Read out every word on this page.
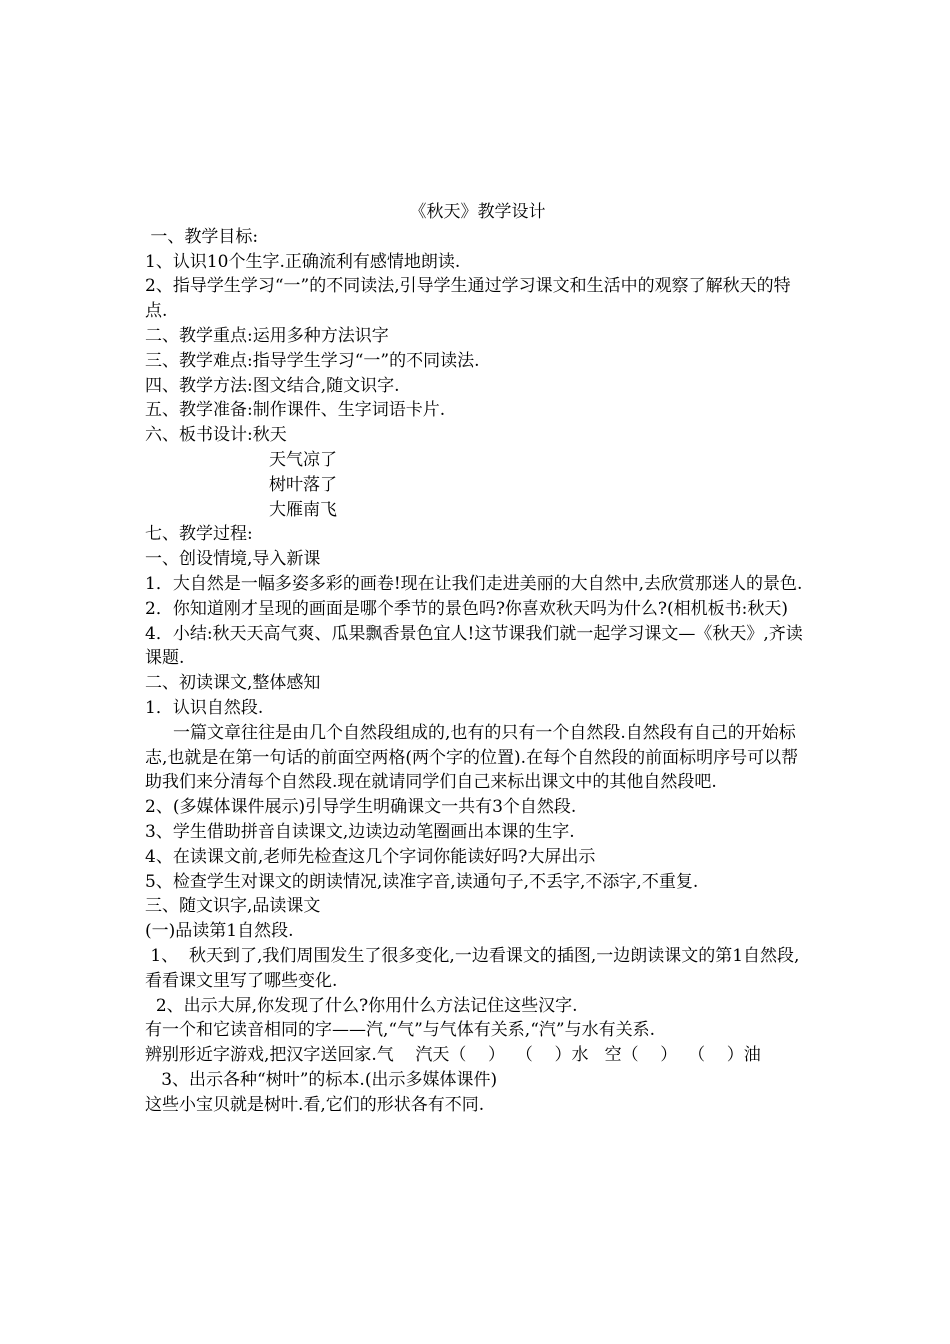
《秋天》教学设计

一、教学目标:

1、认识10个生字.正确流利有感情地朗读.

2、指导学生学习“一”的不同读法,引导学生通过学习课文和生活中的观察了解秋天的特点.

二、教学重点:运用多种方法识字

三、教学难点:指导学生学习“一”的不同读法.

四、教学方法:图文结合,随文识字.

五、教学准备:制作课件、生字词语卡片.

六、板书设计:秋天

天气凉了

树叶落了

大雁南飞

七、教学过程:

一、创设情境,导入新课

1．大自然是一幅多姿多彩的画卷!现在让我们走进美丽的大自然中,去欣赏那迷人的景色.

2．你知道刚才呈现的画面是哪个季节的景色吗?你喜欢秋天吗为什么?(相机板书:秋天)

4．小结:秋天天高气爽、瓜果飘香景色宜人!这节课我们就一起学习课文—《秋天》,齐读课题.

二、初读课文,整体感知

1．认识自然段.

一篇文章往往是由几个自然段组成的,也有的只有一个自然段.自然段有自己的开始标志,也就是在第一句话的前面空两格(两个字的位置).在每个自然段的前面标明序号可以帮助我们来分清每个自然段.现在就请同学们自己来标出课文中的其他自然段吧.

2、(多媒体课件展示)引导学生明确课文一共有3个自然段.

3、学生借助拼音自读课文,边读边动笔圈画出本课的生字.

4、在读课文前,老师先检查这几个字词你能读好吗?大屏出示

5、检查学生对课文的朗读情况,读准字音,读通句子,不丢字,不添字,不重复.

三、随文识字,品读课文

(一)品读第1自然段.

1、  秋天到了,我们周围发生了很多变化,一边看课文的插图,一边朗读课文的第1自然段,看看课文里写了哪些变化.

2、出示大屏,你发现了什么?你用什么方法记住这些汉字.

有一个和它读音相同的字——汽,“气”与气体有关系,“汽”与水有关系.

辨别形近字游戏,把汉字送回家.气    汽天（    ）  （    ）水   空（    ）  （    ）油

3、出示各种“树叶”的标本.(出示多媒体课件)

这些小宝贝就是树叶.看,它们的形状各有不同.
